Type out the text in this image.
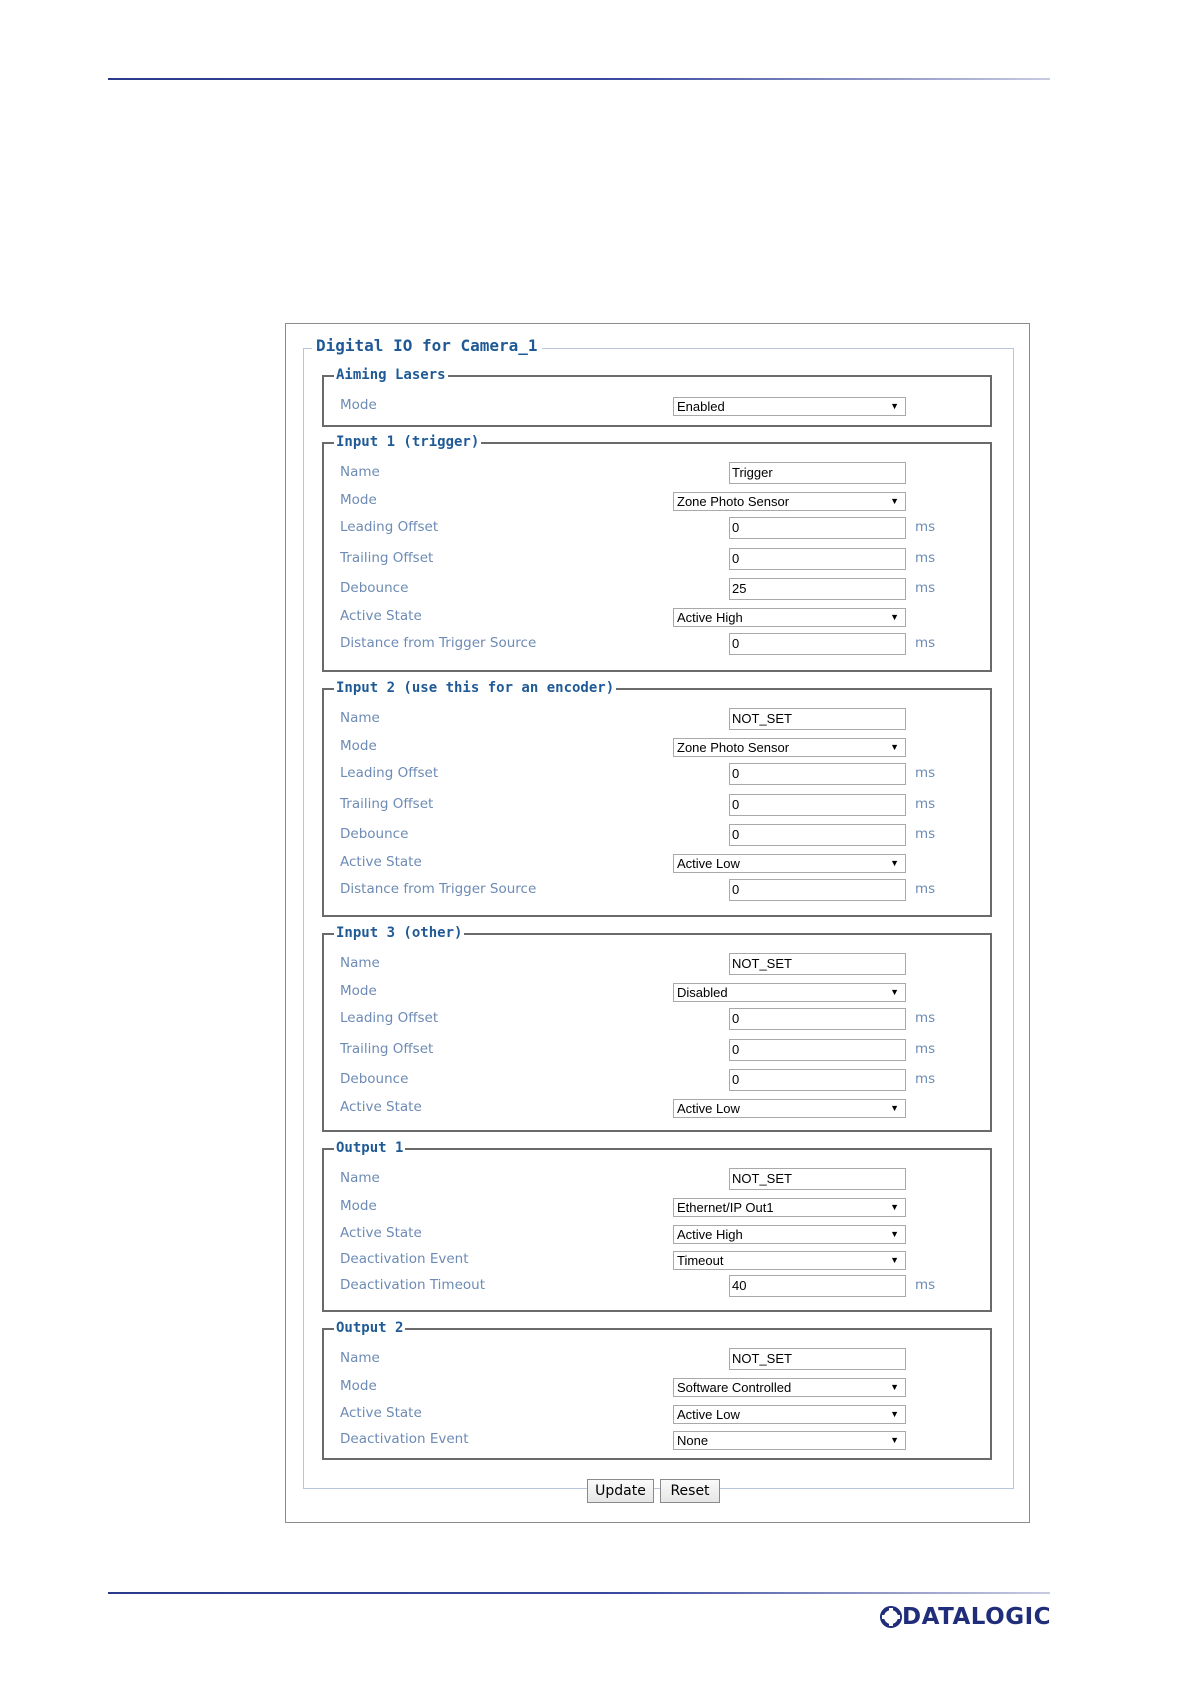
Digital IO for Camera_1
Aiming Lasers
Mode	Enabled	▼
Input 1 (trigger)
Name	Trigger
Mode	Zone Photo Sensor	▼
Leading Offset	0	ms
Trailing Offset	0	ms
Debounce	25	ms
Active State	Active High	▼
Distance from Trigger Source	0	ms
Input 2 (use this for an encoder)
Name	NOT_SET
Mode	Zone Photo Sensor	▼
Leading Offset	0	ms
Trailing Offset	0	ms
Debounce	0	ms
Active State	Active Low	▼
Distance from Trigger Source	0	ms
Input 3 (other)
Name	NOT_SET
Mode	Disabled	▼
Leading Offset	0	ms
Trailing Offset	0	ms
Debounce	0	ms
Active State	Active Low	▼
Output 1
Name	NOT_SET
Mode	Ethernet/IP Out1	▼
Active State	Active High	▼
Deactivation Event	Timeout	▼
Deactivation Timeout	40	ms
Output 2
Name	NOT_SET
Mode	Software Controlled	▼
Active State	Active Low	▼
Deactivation Event	None	▼
Update	Reset
DATALOGIC
